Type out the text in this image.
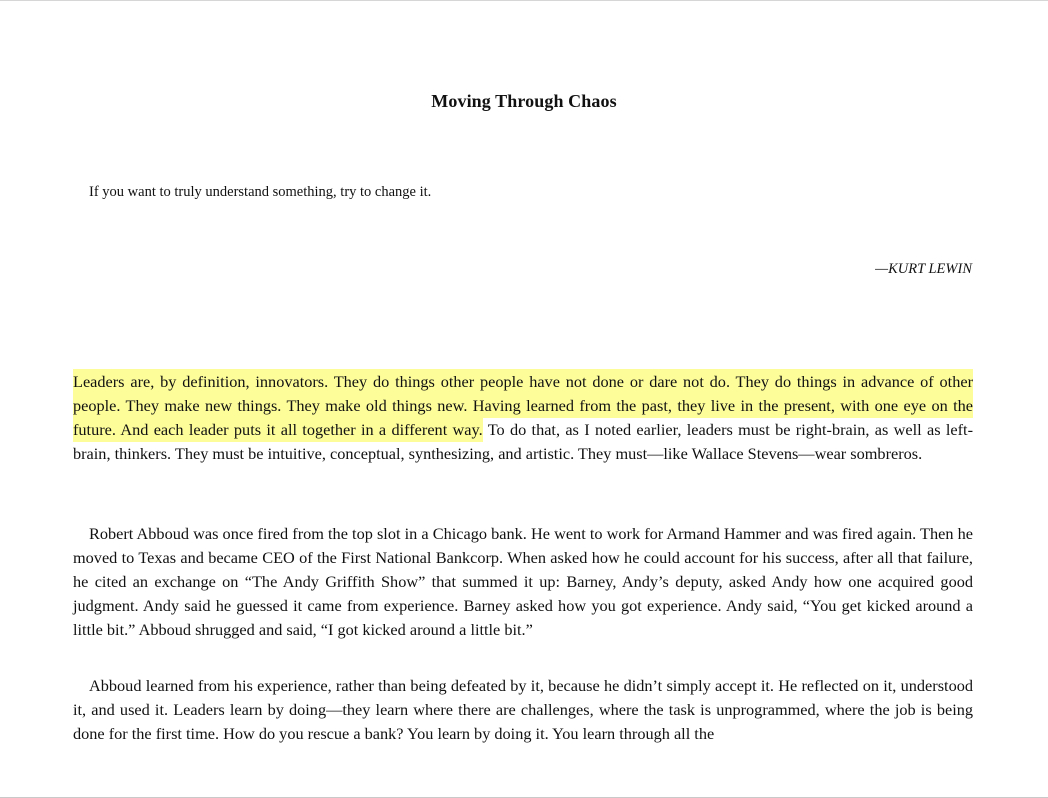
Moving Through Chaos
If you want to truly understand something, try to change it.
—KURT LEWIN

Leaders are, by definition, innovators. They do things other people have not done or dare not do. They do things in advance of other people. They make new things. They make old things new. Having learned from the past, they live in the present, with one eye on the future. And each leader puts it all together in a different way. To do that, as I noted earlier, leaders must be right-brain, as well as left-brain, thinkers. They must be intuitive, conceptual, synthesizing, and artistic. They must—like Wallace Stevens—wear sombreros.

Robert Abboud was once fired from the top slot in a Chicago bank. He went to work for Armand Hammer and was fired again. Then he moved to Texas and became CEO of the First National Bankcorp. When asked how he could account for his success, after all that failure, he cited an exchange on “The Andy Griffith Show” that summed it up: Barney, Andy’s deputy, asked Andy how one acquired good judgment. Andy said he guessed it came from experience. Barney asked how you got experience. Andy said, “You get kicked around a little bit.” Abboud shrugged and said, “I got kicked around a little bit.”

Abboud learned from his experience, rather than being defeated by it, because he didn’t simply accept it. He reflected on it, understood it, and used it. Leaders learn by doing—they learn where there are challenges, where the task is unprogrammed, where the job is being done for the first time. How do you rescue a bank? You learn by doing it. You learn through all the
